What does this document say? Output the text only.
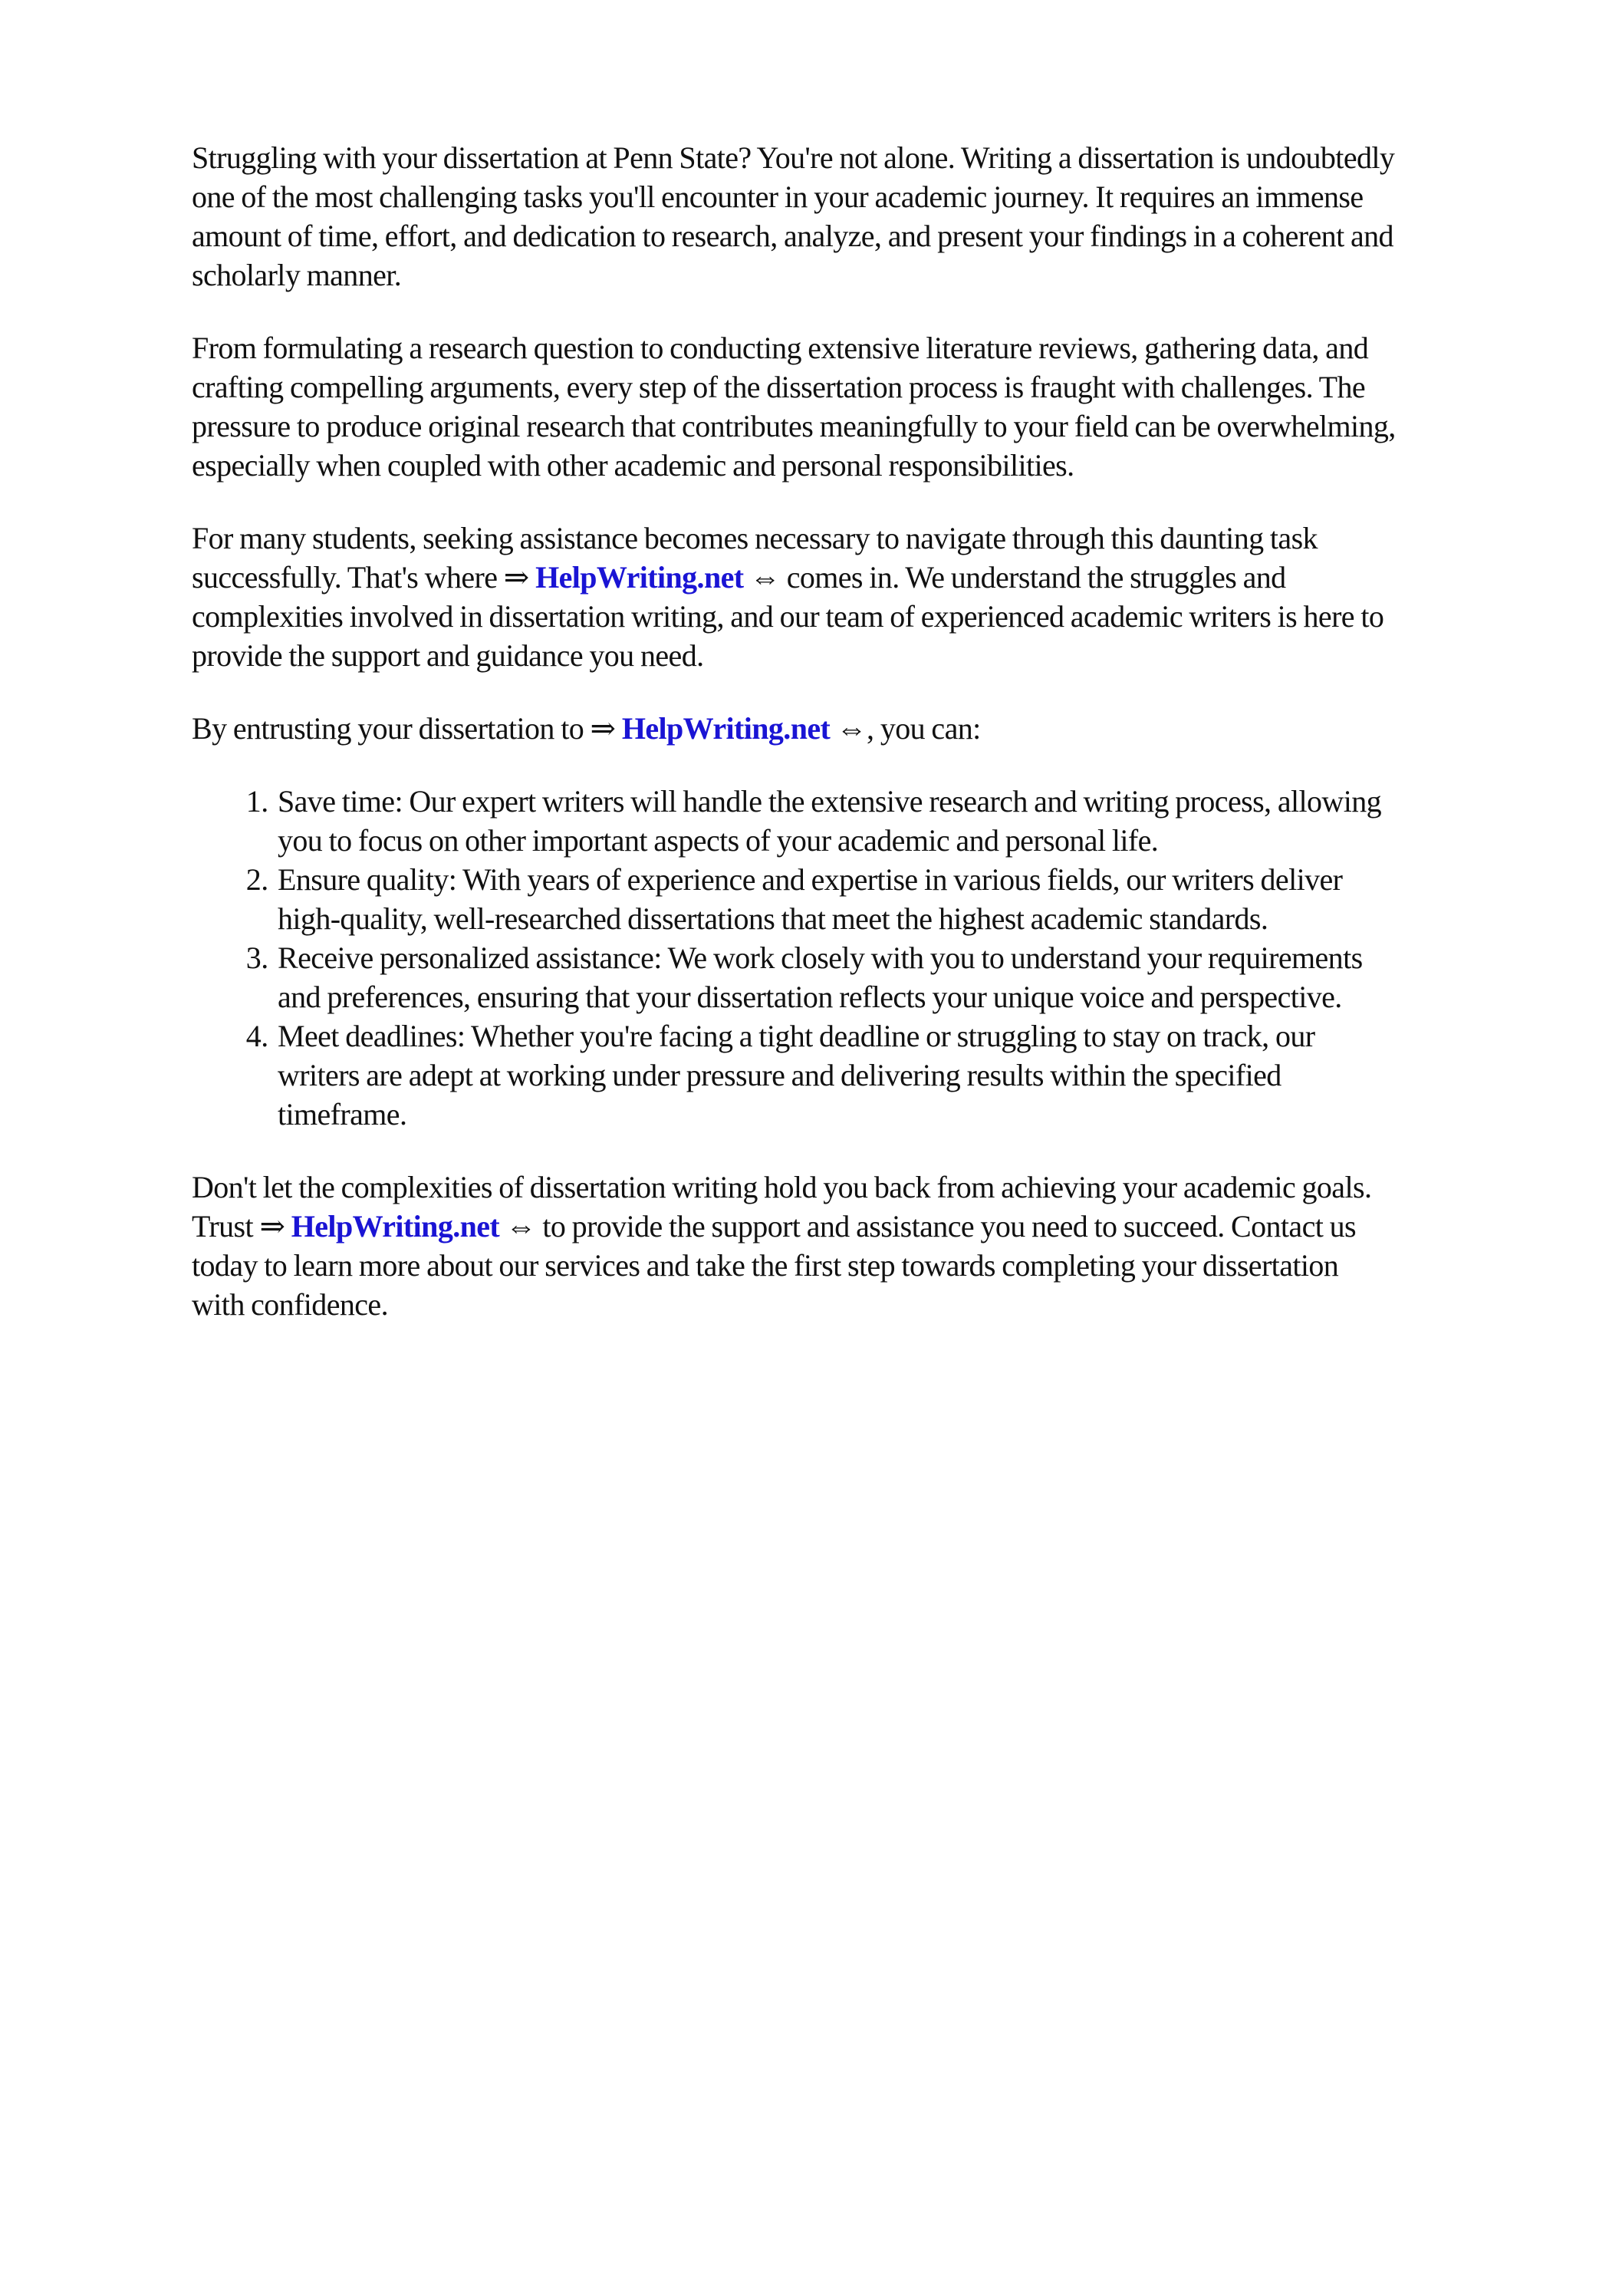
Struggling with your dissertation at Penn State? You're not alone. Writing a dissertation is undoubtedly one of the most challenging tasks you'll encounter in your academic journey. It requires an immense amount of time, effort, and dedication to research, analyze, and present your findings in a coherent and scholarly manner.

From formulating a research question to conducting extensive literature reviews, gathering data, and crafting compelling arguments, every step of the dissertation process is fraught with challenges. The pressure to produce original research that contributes meaningfully to your field can be overwhelming, especially when coupled with other academic and personal responsibilities.

For many students, seeking assistance becomes necessary to navigate through this daunting task successfully. That's where ⇒ HelpWriting.net ⇔ comes in. We understand the struggles and complexities involved in dissertation writing, and our team of experienced academic writers is here to provide the support and guidance you need.

By entrusting your dissertation to ⇒ HelpWriting.net ⇔, you can:

1. Save time: Our expert writers will handle the extensive research and writing process, allowing you to focus on other important aspects of your academic and personal life.
2. Ensure quality: With years of experience and expertise in various fields, our writers deliver high-quality, well-researched dissertations that meet the highest academic standards.
3. Receive personalized assistance: We work closely with you to understand your requirements and preferences, ensuring that your dissertation reflects your unique voice and perspective.
4. Meet deadlines: Whether you're facing a tight deadline or struggling to stay on track, our writers are adept at working under pressure and delivering results within the specified timeframe.

Don't let the complexities of dissertation writing hold you back from achieving your academic goals. Trust ⇒ HelpWriting.net ⇔ to provide the support and assistance you need to succeed. Contact us today to learn more about our services and take the first step towards completing your dissertation with confidence.
